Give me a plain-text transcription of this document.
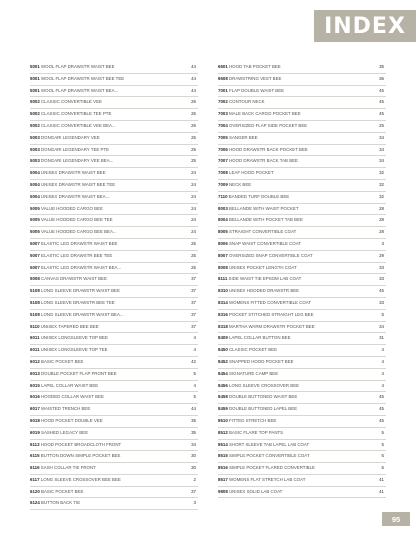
INDEX
5001 WOOL FLAP DRAWSTR WAIST BEE	44
5001 WOOL FLAP DRAWSTR WAIST BEE TEE	44
5001 WOOL FLAP DRAWSTR WAIST BEA...	44
5002 CLASSIC CONVERTIBLE VEE	26
5002 CLASSIC CONVERTIBLE TEE PTE	26
5002 CLASSIC CONVERTIBLE VEE BEA...	26
5003 DONGARI LEGENDARY VEE	25
5003 DONGARI LEGENDARY TEE PTE	25
5003 DONGARI LEGENDARY VEE BEA...	25
5004 UNISEX DRAWSTR WAIST BEE	24
5004 UNISEX DRAWSTR WAIST BEE TEE	24
5004 UNISEX DRAWSTR WAIST BEA...	24
5005 VALUE HOODED CARGO BEE	24
5005 VALUE HOODED CARGO BEE TEE	24
5005 VALUE HOODED CARGO BEE BEA...	24
5007 ELASTIC LEG DRAWSTR WAIST BEE	25
5007 ELASTIC LEG DRAWSTR BEE TEE	25
5007 ELASTIC LEG DRAWSTR WAIST BEA...	25
5008 CANVAS DRAWSTR WAIST BEE	37
5108 LONG SLEEVE DRAWSTR WAIST BEE	37
5108 LONG SLEEVE DRAWSTR BEE TEE	37
5108 LONG SLEEVE DRAWSTR WAIST BEA...	37
5110 UNISEX TAPERED BEE BEE	37
6011 UNISEX LONGSLEEVE TOP BEE	4
6011 UNISEX LONGSLEEVE TOP TEE	4
6012 BASIC POCKET BEE	42
6013 DOUBLE POCKET FLAP FRONT BEE	5
6015 LAPEL COLLAR WAIST BEE	4
6016 HOODED COLLAR WAIST BEE	5
6017 WAISTED TRENCH BEE	44
6018 HOOD POCKET DOUBLE VEE	35
6019 SASHED LEGACY BEE	35
6113 HOOD POCKET BROADCLOTH FRONT	34
6115 BUTTON DOWN SIMPLE POCKET BEE	30
6116 SASH COLLAR TIE FRONT	30
6117 LONG SLEEVE CROSSOVER BEE BEE	2
6120 BASIC POCKET BEE	37
6124 BUTTON BACK TIE	3
6501 HOOD TAB POCKET BEE	35
6508 DRAWSTRING VEST BEE	36
7001 FLAP DOUBLE WAIST BEE	45
7002 CONTOUR NECK	45
7003 MALE BACK CARGO POCKET BEE	45
7004 OVERSIZED FLAP SIDE POCKET BEE	25
7005 SANGER BEE	34
7006 HOOD DRAWSTR BACK POCKET BEE	34
7007 HOOD DRAWSTR BACK TAB BEE	34
7008 LEAF HOOD POCKET	32
7009 NECK BEE	32
7110 BANDED TURF DOUBLE BEE	32
8003 BELLANDE WITH WAIST POCKET	28
8004 BELLANDE WITH POCKET TAB BEE	28
8005 STRAIGHT CONVERTIBLE COAT	28
8006 SNAP WAIST CONVERTIBLE COAT	3
8007 OVERSIZED SNAP CONVERTIBLE COAT	29
8008 UNISEX POCKET LENGTH COAT	33
8111 SIDE WAIST TIE EPSOM LAB COAT	33
8310 UNISEX HOODED DRAWSTR BEE	45
8314 WOMENS FITTED CONVERTIBLE COAT	33
8316 POCKET STITCHED STRAIGHT LEG BEE	5
8318 MARTHA WARM DRAWSTR POCKET BEE	34
8409 LAPEL COLLAR BUTTON BEE	31
8450 CLASSIC POCKET BEE	4
8452 SNAPPED HOOD POCKET BEE	4
8454 SIGNATURE CAMP BEE	4
8456 LONG SLEEVE CROSSOVER BEE	4
8458 DOUBLE BUTTONED WAIST BEE	45
8459 DOUBLE BUTTONED LAPEL BEE	45
8510 FITTED STRETCH BEE	45
8512 BASIC FLARE TOP PANTS	5
8514 SHORT SLEEVE TAB LAPEL LAB COAT	5
8515 SIMPLE POCKET CONVERTIBLE COAT	5
8516 SIMPLE POCKET FLARED CONVERTIBLE	5
8517 WOMENS FLAT STRETCH LAB COAT	41
9808 UNISEX SOLID LAB COAT	41
95
